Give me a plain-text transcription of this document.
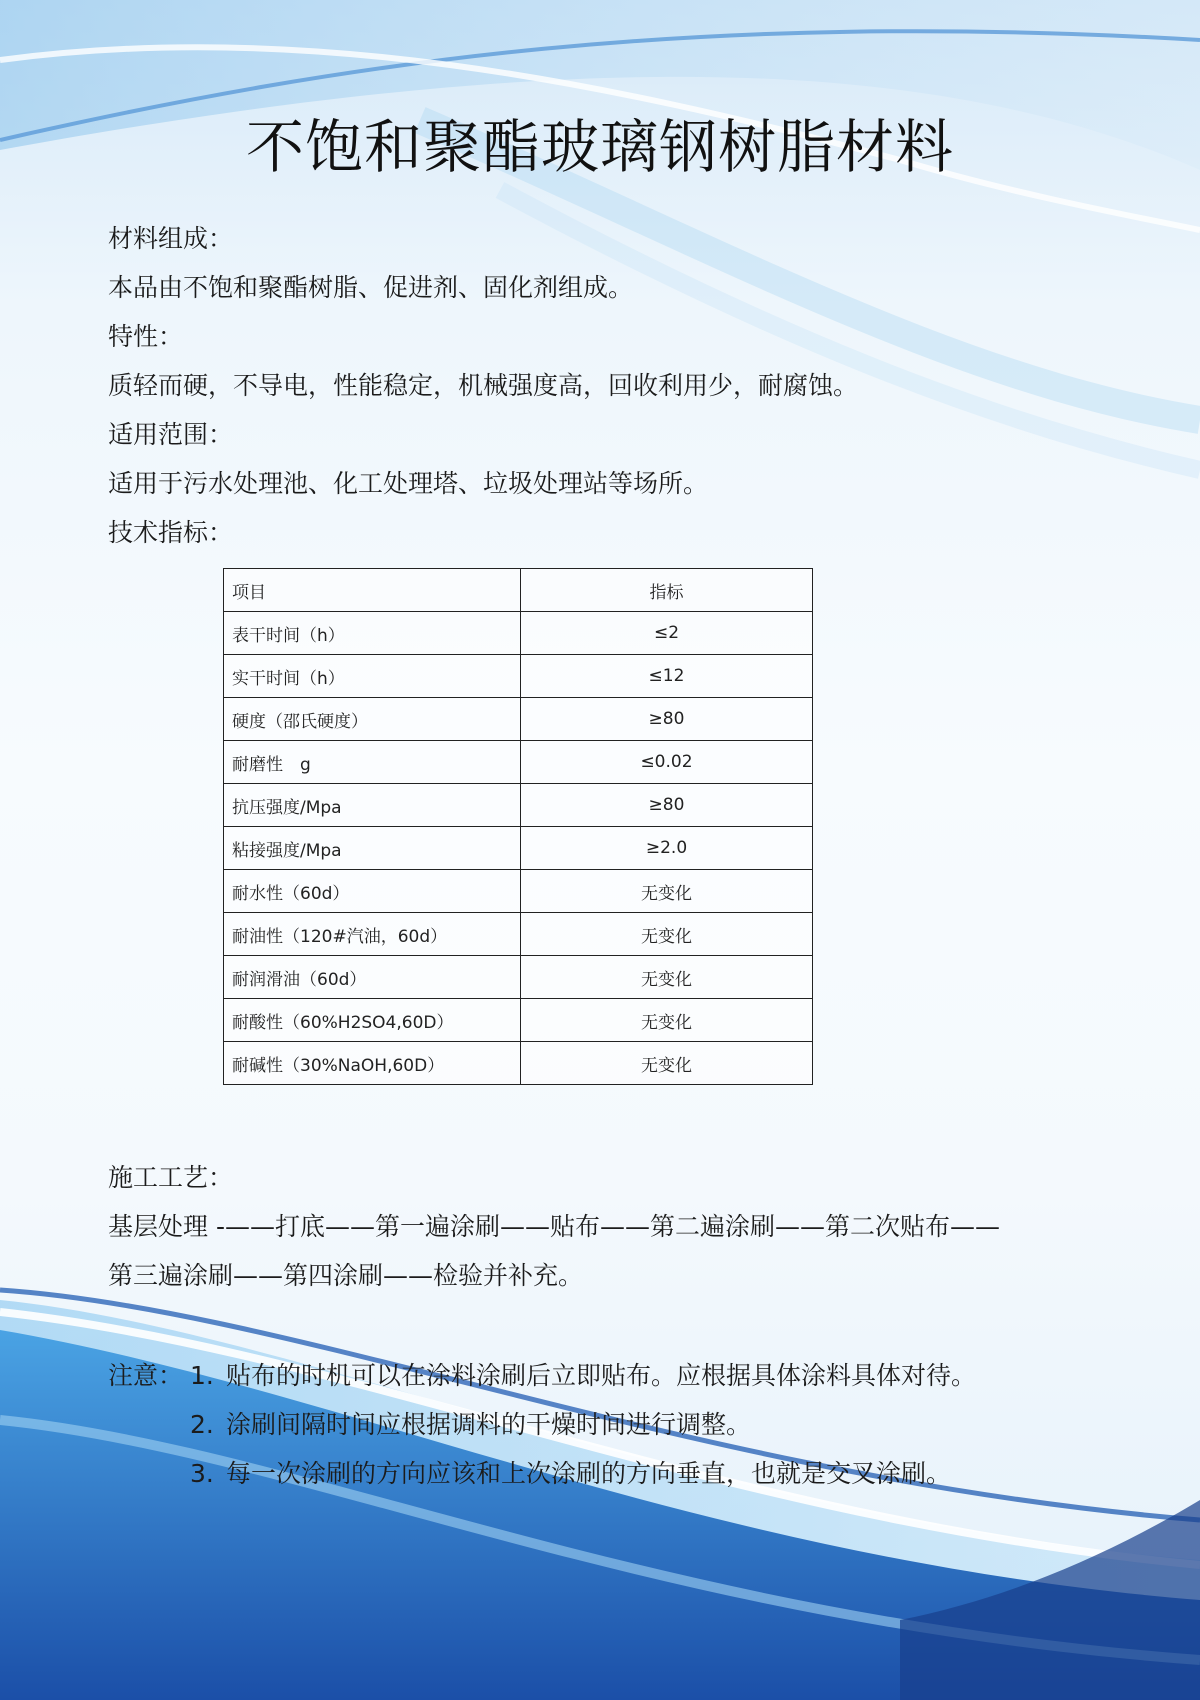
不饱和聚酯玻璃钢树脂材料

材料组成：

本品由不饱和聚酯树脂、促进剂、固化剂组成。

特性：

质轻而硬，不导电，性能稳定，机械强度高，回收利用少，耐腐蚀。

适用范围：

适用于污水处理池、化工处理塔、垃圾处理站等场所。

技术指标：

项目	指标
表干时间（h）	≤2
实干时间（h）	≤12
硬度（邵氏硬度）	≥80
耐磨性　g	≤0.02
抗压强度/Mpa	≥80
粘接强度/Mpa	≥2.0
耐水性（60d）	无变化
耐油性（120#汽油，60d）	无变化
耐润滑油（60d）	无变化
耐酸性（60%H2SO4,60D）	无变化
耐碱性（30%NaOH,60D）	无变化

施工工艺：

基层处理 -——打底——第一遍涂刷——贴布——第二遍涂刷——第二次贴布——

第三遍涂刷——第四涂刷——检验并补充。

注意： 1. 贴布的时机可以在涂料涂刷后立即贴布。应根据具体涂料具体对待。
2. 涂刷间隔时间应根据调料的干燥时间进行调整。
3. 每一次涂刷的方向应该和上次涂刷的方向垂直，也就是交叉涂刷。
